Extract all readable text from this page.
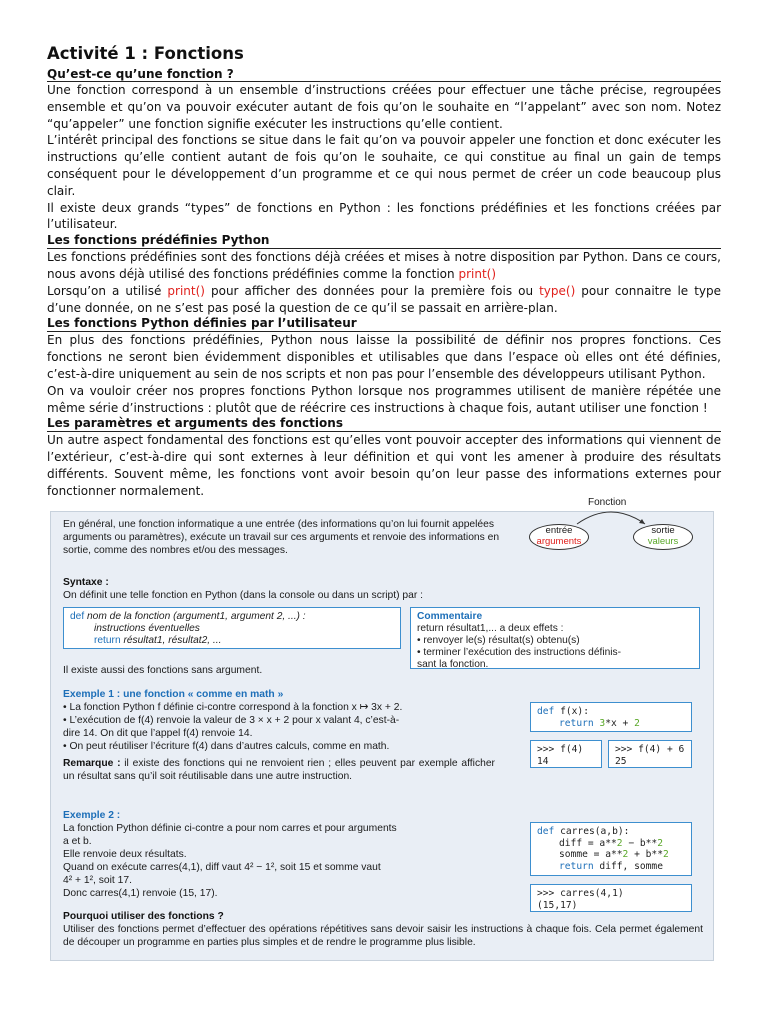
Activité 1 : Fonctions

Qu’est-ce qu’une fonction ?

Une fonction correspond à un ensemble d’instructions créées pour effectuer une tâche précise, regroupées ensemble et qu’on va pouvoir exécuter autant de fois qu’on le souhaite en “l’appelant” avec son nom. Notez “qu’appeler” une fonction signifie exécuter les instructions qu’elle contient.

L’intérêt principal des fonctions se situe dans le fait qu’on va pouvoir appeler une fonction et donc exécuter les instructions qu’elle contient autant de fois qu’on le souhaite, ce qui constitue au final un gain de temps conséquent pour le développement d’un programme et ce qui nous permet de créer un code beaucoup plus clair.

Il existe deux grands “types” de fonctions en Python : les fonctions prédéfinies et les fonctions créées par l’utilisateur.

Les fonctions prédéfinies Python

Les fonctions prédéfinies sont des fonctions déjà créées et mises à notre disposition par Python. Dans ce cours, nous avons déjà utilisé des fonctions prédéfinies comme la fonction print()

Lorsqu’on a utilisé print() pour afficher des données pour la première fois ou type() pour connaitre le type d’une donnée, on ne s’est pas posé la question de ce qu’il se passait en arrière-plan.

Les fonctions Python définies par l’utilisateur

En plus des fonctions prédéfinies, Python nous laisse la possibilité de définir nos propres fonctions. Ces fonctions ne seront bien évidemment disponibles et utilisables que dans l’espace où elles ont été définies, c’est-à-dire uniquement au sein de nos scripts et non pas pour l’ensemble des développeurs utilisant Python.

On va vouloir créer nos propres fonctions Python lorsque nos programmes utilisent de manière répétée une même série d’instructions : plutôt que de réécrire ces instructions à chaque fois, autant utiliser une fonction !

Les paramètres et arguments des fonctions

Un autre aspect fondamental des fonctions est qu’elles vont pouvoir accepter des informations qui viennent de l’extérieur, c’est-à-dire qui sont externes à leur définition et qui vont les amener à produire des résultats différents. Souvent même, les fonctions vont avoir besoin qu’on leur passe des informations externes pour fonctionner normalement.

En général, une fonction informatique a une entrée (des informations qu’on lui fournit appelées arguments ou paramètres), exécute un travail sur ces arguments et renvoie des informations en sortie, comme des nombres et/ou des messages.
Fonction
entrée
arguments
sortie
valeurs
Syntaxe :
On définit une telle fonction en Python (dans la console ou dans un script) par :
def nom de la fonction (argument1, argument 2, ...) :
instructions éventuelles
return résultat1, résultat2, ...
Commentaire
return résultat1,... a deux effets :
• renvoyer le(s) résultat(s) obtenu(s)
• terminer l’exécution des instructions définis-
sant la fonction.
Il existe aussi des fonctions sans argument.
Exemple 1 : une fonction « comme en math »
• La fonction Python f définie ci-contre correspond à la fonction x ↦ 3x + 2.
• L’exécution de f(4) renvoie la valeur de 3 × x + 2 pour x valant 4, c’est-à-
dire 14. On dit que l’appel f(4) renvoie 14.
• On peut réutiliser l’écriture f(4) dans d’autres calculs, comme en math.
def f(x):
return 3*x + 2
>>> f(4)
14
>>> f(4) + 6
25
Remarque : il existe des fonctions qui ne renvoient rien ; elles peuvent par exemple afficher un résultat sans qu’il soit réutilisable dans une autre instruction.
Exemple 2 :
La fonction Python définie ci-contre a pour nom carres et pour arguments
a et b.
Elle renvoie deux résultats.
Quand on exécute carres(4,1), diff vaut 4² − 1², soit 15 et somme vaut
4² + 1², soit 17.
Donc carres(4,1) renvoie (15, 17).
def carres(a,b):
diff = a**2 − b**2
somme = a**2 + b**2
return diff, somme
>>> carres(4,1)
(15,17)
Pourquoi utiliser des fonctions ?
Utiliser des fonctions permet d’effectuer des opérations répétitives sans devoir saisir les instructions à chaque fois. Cela permet également de découper un programme en parties plus simples et de rendre le programme plus lisible.
